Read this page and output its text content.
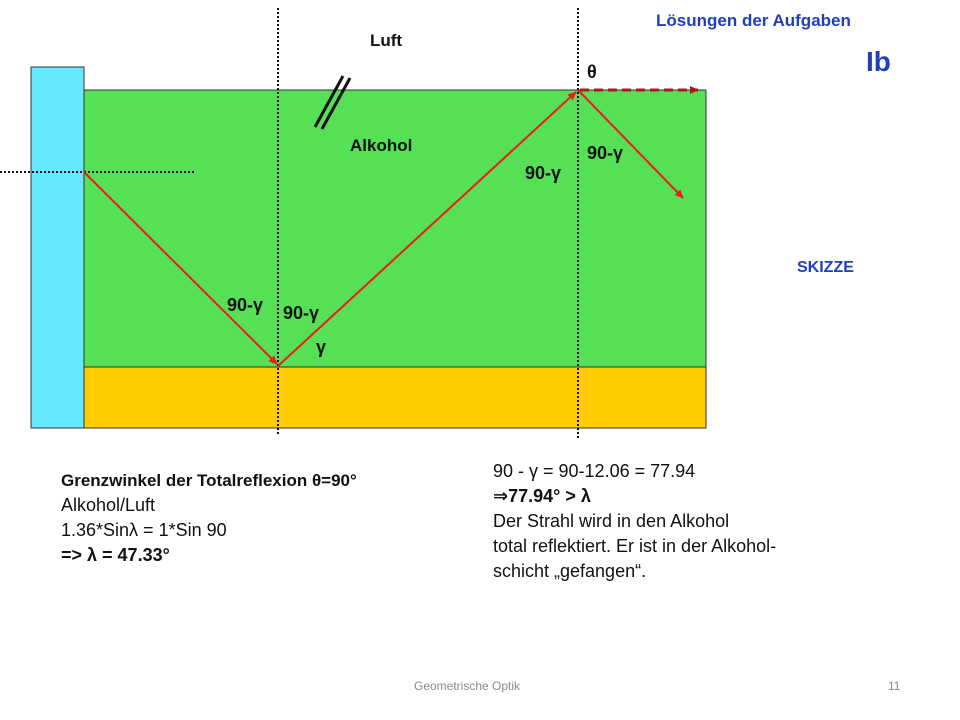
Lösungen der Aufgaben
Ib
Luft
Alkohol
SKIZZE
θ
90-γ
90-γ
90-γ 90-γ
γ
Grenzwinkel der Totalreflexion θ=90°
Alkohol/Luft
1.36*Sinλ = 1*Sin 90
=> λ = 47.33°
90 - γ = 90-12.06 = 77.94
⇒77.94° > λ
Der Strahl wird in den Alkohol
total reflektiert. Er ist in der Alkohol-
schicht „gefangen“.
Geometrische Optik	11
